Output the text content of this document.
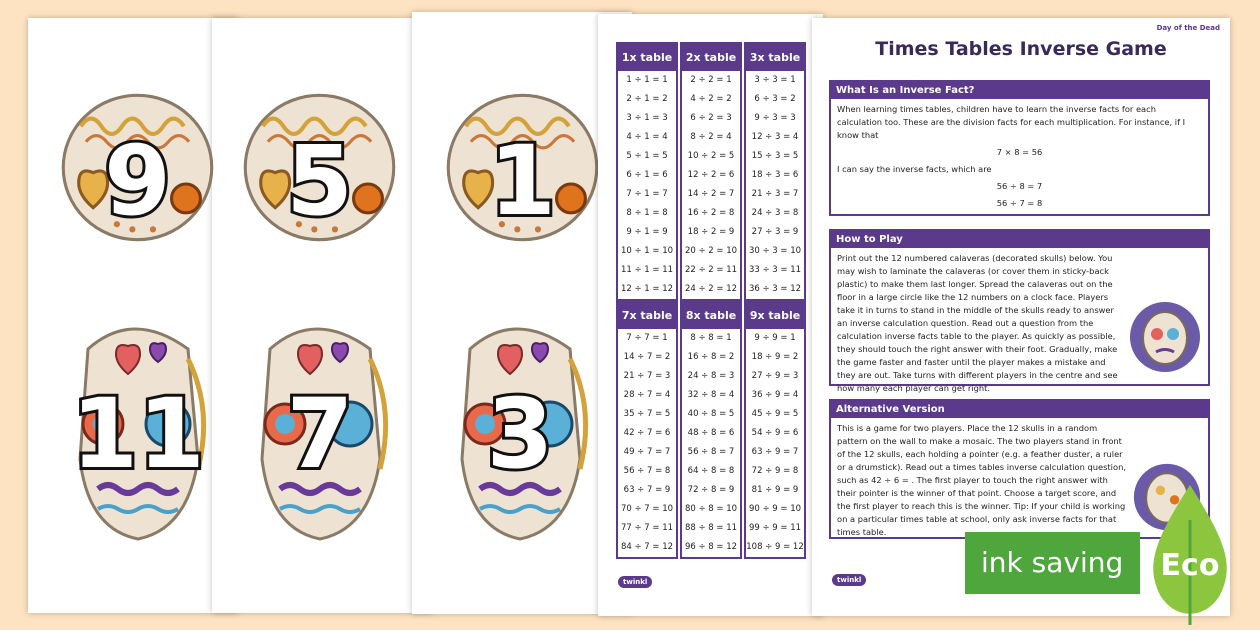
9
11
5
7
1
3
1x table
1 ÷ 1 = 1
2 ÷ 1 = 2
3 ÷ 1 = 3
4 ÷ 1 = 4
5 ÷ 1 = 5
6 ÷ 1 = 6
7 ÷ 1 = 7
8 ÷ 1 = 8
9 ÷ 1 = 9
10 ÷ 1 = 10
11 ÷ 1 = 11
12 ÷ 1 = 12
2x table
2 ÷ 2 = 1
4 ÷ 2 = 2
6 ÷ 2 = 3
8 ÷ 2 = 4
10 ÷ 2 = 5
12 ÷ 2 = 6
14 ÷ 2 = 7
16 ÷ 2 = 8
18 ÷ 2 = 9
20 ÷ 2 = 10
22 ÷ 2 = 11
24 ÷ 2 = 12
3x table
3 ÷ 3 = 1
6 ÷ 3 = 2
9 ÷ 3 = 3
12 ÷ 3 = 4
15 ÷ 3 = 5
18 ÷ 3 = 6
21 ÷ 3 = 7
24 ÷ 3 = 8
27 ÷ 3 = 9
30 ÷ 3 = 10
33 ÷ 3 = 11
36 ÷ 3 = 12
7x table
7 ÷ 7 = 1
14 ÷ 7 = 2
21 ÷ 7 = 3
28 ÷ 7 = 4
35 ÷ 7 = 5
42 ÷ 7 = 6
49 ÷ 7 = 7
56 ÷ 7 = 8
63 ÷ 7 = 9
70 ÷ 7 = 10
77 ÷ 7 = 11
84 ÷ 7 = 12
8x table
8 ÷ 8 = 1
16 ÷ 8 = 2
24 ÷ 8 = 3
32 ÷ 8 = 4
40 ÷ 8 = 5
48 ÷ 8 = 6
56 ÷ 8 = 7
64 ÷ 8 = 8
72 ÷ 8 = 9
80 ÷ 8 = 10
88 ÷ 8 = 11
96 ÷ 8 = 12
9x table
9 ÷ 9 = 1
18 ÷ 9 = 2
27 ÷ 9 = 3
36 ÷ 9 = 4
45 ÷ 9 = 5
54 ÷ 9 = 6
63 ÷ 9 = 7
72 ÷ 9 = 8
81 ÷ 9 = 9
90 ÷ 9 = 10
99 ÷ 9 = 11
108 ÷ 9 = 12
twinkl
Day of the Dead
Times Tables Inverse Game
twinkl
What Is an Inverse Fact?
When learning times tables, children have to learn the inverse facts for each calculation too. These are the division facts for each multiplication. For instance, if I know that
7 × 8 = 56
I can say the inverse facts, which are
56 ÷ 8 = 7
56 ÷ 7 = 8
How to Play
Print out the 12 numbered calaveras (decorated skulls) below. You may wish to laminate the calaveras (or cover them in sticky-back plastic) to make them last longer. Spread the calaveras out on the floor in a large circle like the 12 numbers on a clock face. Players take it in turns to stand in the middle of the skulls ready to answer an inverse calculation question. Read out a question from the calculation inverse facts table to the player. As quickly as possible, they should touch the right answer with their foot. Gradually, make the game faster and faster until the player makes a mistake and they are out. Take turns with different players in the centre and see how many each player can get right.
Alternative Version
This is a game for two players. Place the 12 skulls in a random pattern on the wall to make a mosaic. The two players stand in front of the 12 skulls, each holding a pointer (e.g. a feather duster, a ruler or a drumstick). Read out a times tables inverse calculation question, such as 42 ÷ 6 = . The first player to touch the right answer with their pointer is the winner of that point. Choose a target score, and the first player to reach this is the winner. Tip: If your child is working on a particular times table at school, only ask inverse facts for that times table.
ink saving	Eco
